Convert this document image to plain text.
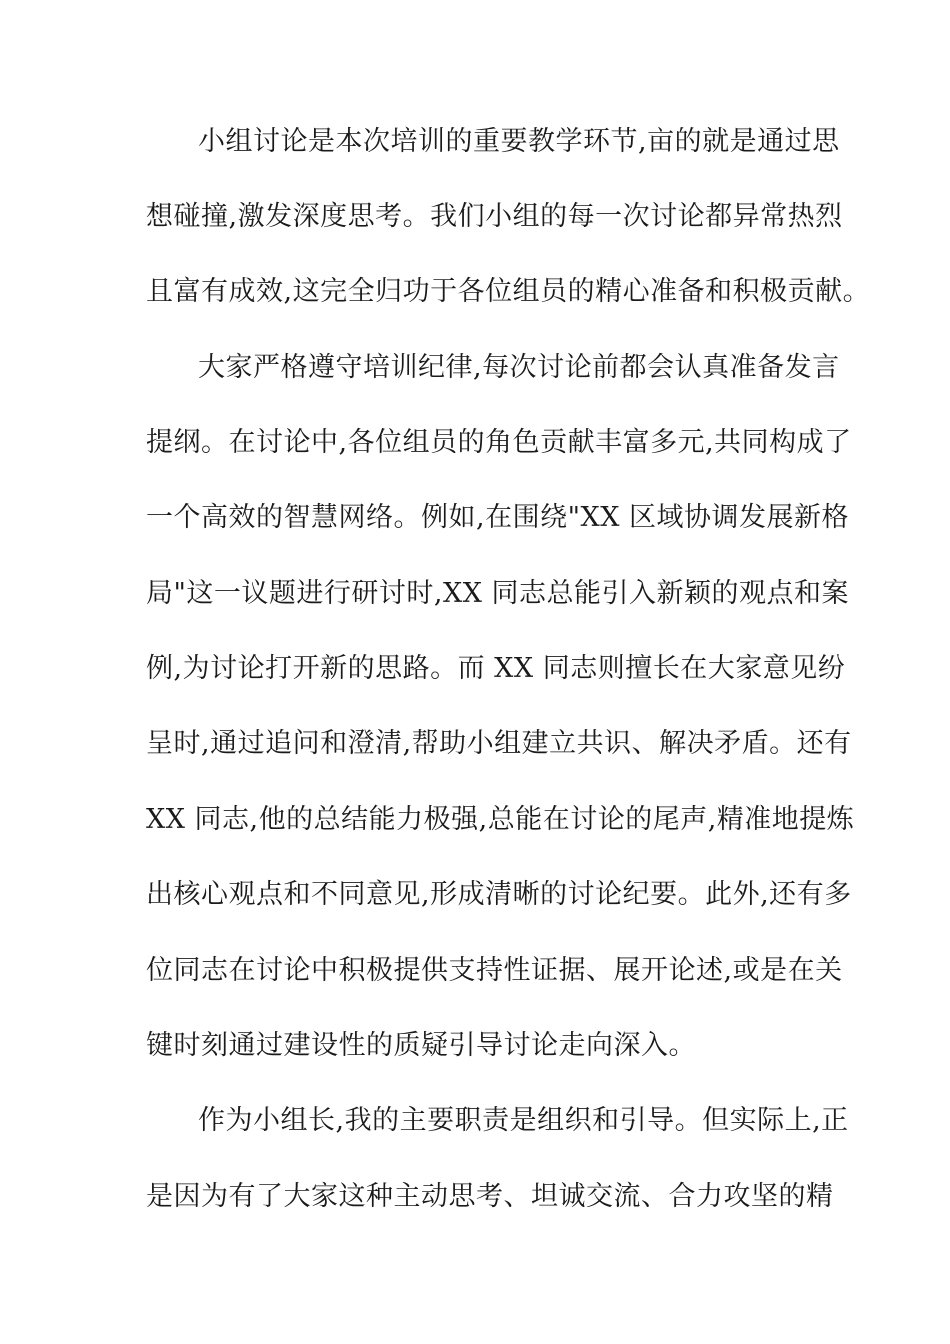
小组讨论是本次培训的重要教学环节,亩的就是通过思
想碰撞,激发深度思考。我们小组的每一次讨论都异常热烈
且富有成效,这完全归功于各位组员的精心准备和积极贡献。
大家严格遵守培训纪律,每次讨论前都会认真准备发言
提纲。在讨论中,各位组员的角色贡献丰富多元,共同构成了
一个高效的智慧网络。例如,在围绕"XX 区域协调发展新格
局"这一议题进行研讨时,XX 同志总能引入新颖的观点和案
例,为讨论打开新的思路。而 XX 同志则擅长在大家意见纷
呈时,通过追问和澄清,帮助小组建立共识、解决矛盾。还有
XX 同志,他的总结能力极强,总能在讨论的尾声,精准地提炼
出核心观点和不同意见,形成清晰的讨论纪要。此外,还有多
位同志在讨论中积极提供支持性证据、展开论述,或是在关
键时刻通过建设性的质疑引导讨论走向深入。
作为小组长,我的主要职责是组织和引导。但实际上,正
是因为有了大家这种主动思考、坦诚交流、合力攻坚的精
